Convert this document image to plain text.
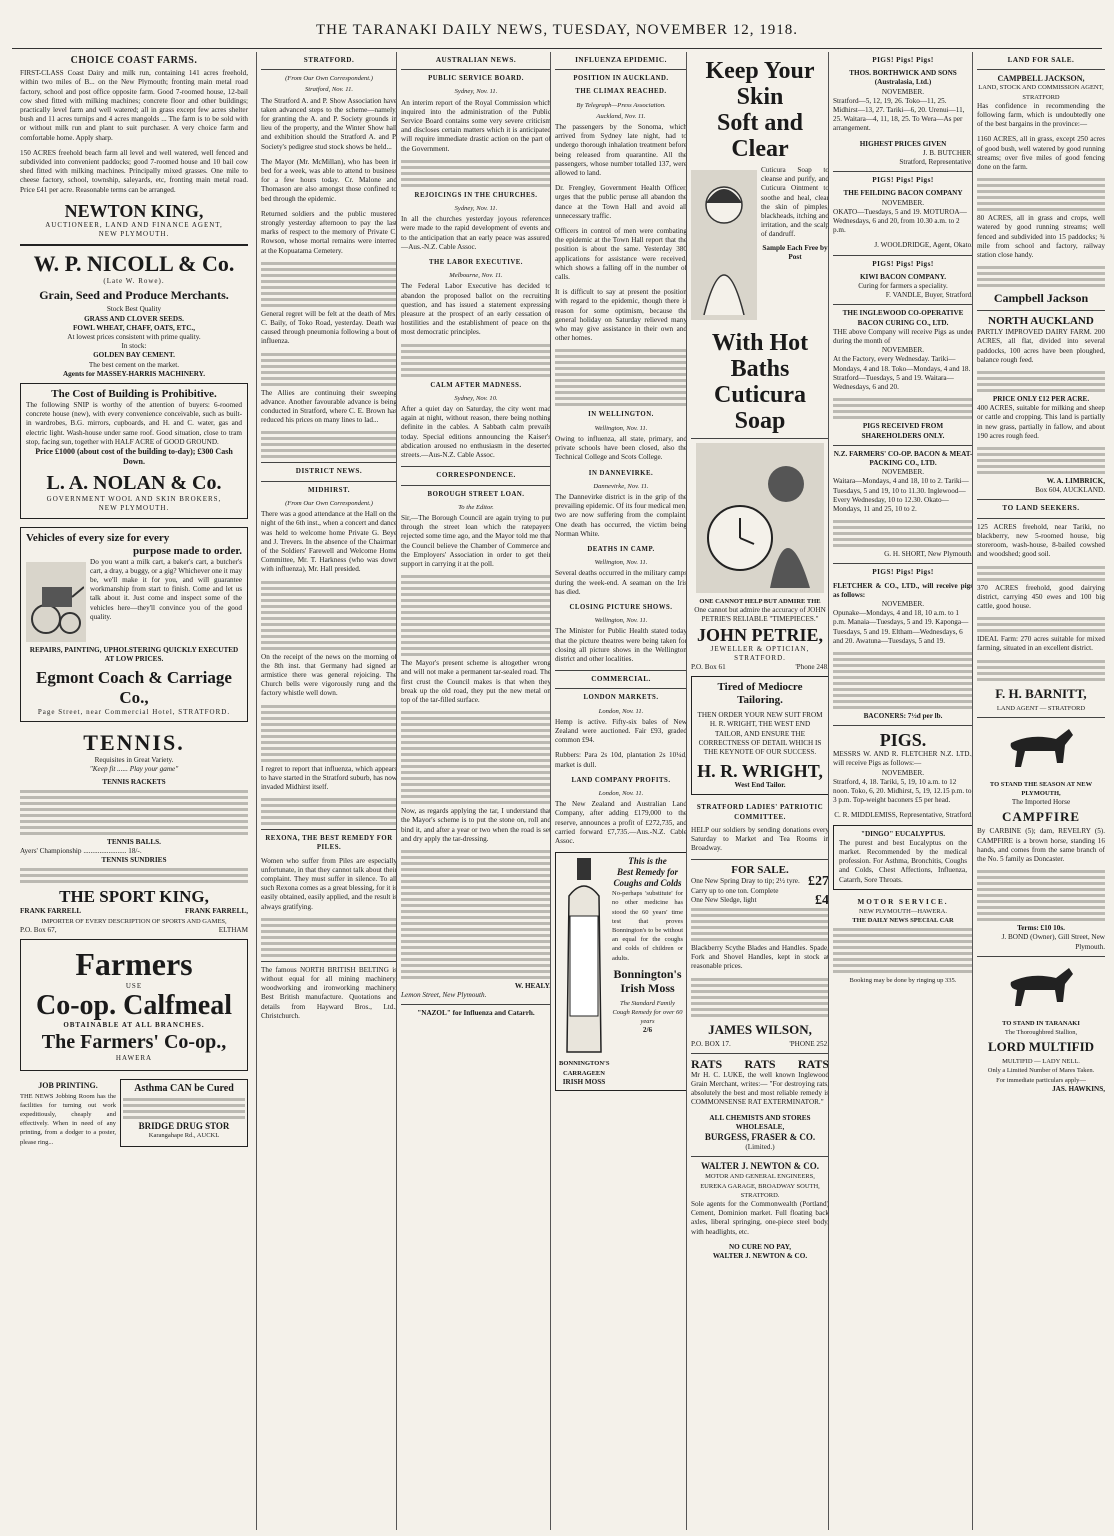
THE TARANAKI DAILY NEWS, TUESDAY, NOVEMBER 12, 1918.
CHOICE COAST FARMS.
FIRST-CLASS Coast Dairy and milk run, containing 141 acres freehold, within two miles of B... on the New Plymouth; fronting main metal road factory, school and post office opposite farm. Good 7-roomed house, 12-bail cow shed fitted with milking machines; concrete floor and other buildings; practically level farm and well watered; all in grass except few acres shelter bush and 11 acres turnips and 4 acres mangolds ... The farm is to be sold with or without milk run and plant to suit purchaser. A very choice farm and comfortable home. Apply sharp.
150 ACRES freehold beach farm all level and well watered, well fenced and subdivided into convenient paddocks; good 7-roomed house and 10 bail cow shed fitted with milking machines. Principally mixed grasses. One mile to cheese factory, school, township, saleyards, etc, fronting main metal road. Price £41 per acre. Reasonable terms can be arranged.
NEWTON KING,
AUCTIONEER, LAND AND FINANCE AGENT,
NEW PLYMOUTH.
W. P. NICOLL & Co.
(Late W. Rowe).
Grain, Seed and Produce Merchants.
Stock Best Quality
GRASS AND CLOVER SEEDS.
FOWL WHEAT, CHAFF, OATS, ETC.,
At lowest prices consistent with prime quality.
In stock:
GOLDEN BAY CEMENT.
The best cement on the market.
Agents for MASSEY-HARRIS MACHINERY.
The Cost of Building is Prohibitive.
The following SNIP is worthy of the attention of buyers: 6-roomed concrete house (new), with every convenience conceivable, such as built-in wardrobes, B.G. mirrors, cupboards, and H. and C. water, gas and electric light. Wash-house under same roof. Good situation, close to tram stop, facing sun, together with HALF ACRE of GOOD GROUND.
Price £1000 (about cost of the building to-day); £300 Cash Down.
L. A. NOLAN & Co.
GOVERNMENT WOOL AND SKIN BROKERS,
NEW PLYMOUTH.
Vehicles of every size for every
purpose made to order.
Do you want a milk cart, a baker's cart, a butcher's cart, a dray, a buggy, or a gig? Whichever one it may be, we'll make it for you, and will guarantee workmanship from start to finish. Come and let us talk about it. Just come and inspect some of the vehicles here—they'll convince you of the good quality.
REPAIRS, PAINTING, UPHOLSTERING QUICKLY EXECUTED AT LOW PRICES.
Egmont Coach & Carriage Co.,
Page Street, near Commercial Hotel, STRATFORD.
TENNIS.
Requisites in Great Variety.
"Keep fit ...... Play your game"
TENNIS RACKETS
TENNIS BALLS.
Ayers' Championship ........................ 18/-.
TENNIS SUNDRIES
THE SPORT KING,
FRANK FARRELL	FRANK FARRELL,
IMPORTER OF EVERY DESCRIPTION OF SPORTS AND GAMES,
P.O. Box 67,	ELTHAM
Farmers
USE
Co-op. Calfmeal
OBTAINABLE AT ALL BRANCHES.
The Farmers' Co-op.,
HAWERA
JOB PRINTING.
THE NEWS Jobbing Room has the facilities for turning out work expeditiously, cheaply and effectively. When in need of any printing, from a dodger to a poster, please ring...
Asthma CAN be Cured
BRIDGE DRUG STOR
Karangahape Rd., AUCKL
STRATFORD.
(From Our Own Correspondent.)
Stratford, Nov. 11.
The Stratford A. and P. Show Association have taken advanced steps to the scheme—namely, for granting the A. and P. Society grounds in lieu of the property, and the Winter Show hall and exhibition should the Stratford A. and P. Society's pedigree stud stock shows be held...
The Mayor (Mr. McMillan), who has been in bed for a week, was able to attend to business for a few hours today. Cr. Malone and Thomason are also amongst those confined to bed through the epidemic.
Returned soldiers and the public mustered strongly yesterday afternoon to pay the last marks of respect to the memory of Private C. Rowson, whose mortal remains were interred at the Kopuatama Cemetery.
General regret will be felt at the death of Mrs. C. Baily, of Toko Road, yesterday. Death was caused through pneumonia following a bout of influenza.
The Allies are continuing their sweeping advance. Another favourable advance is being conducted in Stratford, where C. E. Brown has reduced his prices on many lines to lad...
DISTRICT NEWS.
MIDHIRST.
(From Our Own Correspondent.)
There was a good attendance at the Hall on the night of the 6th inst., when a concert and dance was held to welcome home Private G. Beye and J. Trevers. In the absence of the Chairman of the Soldiers' Farewell and Welcome Home Committee, Mr. T. Harkness (who was down with influenza), Mr. Hall presided.
On the receipt of the news on the morning of the 8th inst. that Germany had signed an armistice there was general rejoicing. The Church bells were vigorously rung and the factory whistle well down.
I regret to report that influenza, which appears to have started in the Stratford suburb, has now invaded Midhirst itself.
REXONA, THE BEST REMEDY FOR PILES.
Women who suffer from Piles are especially unfortunate, in that they cannot talk about their complaint. They must suffer in silence. To all such Rexona comes as a great blessing, for it is easily obtained, easily applied, and the result is always gratifying.
The famous NORTH BRITISH BELTING is without equal for all mining machinery, woodworking and ironworking machinery. Best British manufacture. Quotations and details from Hayward Bros., Ltd., Christchurch.
AUSTRALIAN NEWS.
PUBLIC SERVICE BOARD.
Sydney, Nov. 11.
An interim report of the Royal Commission which inquired into the administration of the Public Service Board contains some very severe criticism and discloses certain matters which it is anticipated will require immediate drastic action on the part of the Government.
REJOICINGS IN THE CHURCHES.
Sydney, Nov. 11.
In all the churches yesterday joyous references were made to the rapid development of events and to the anticipation that an early peace was assured. —Aus.-N.Z. Cable Assoc.
THE LABOR EXECUTIVE.
Melbourne, Nov. 11.
The Federal Labor Executive has decided to abandon the proposed ballot on the recruiting question, and has issued a statement expressing pleasure at the prospect of an early cessation of hostilities and the establishment of peace on the most democratic principles.
CALM AFTER MADNESS.
Sydney, Nov. 10.
After a quiet day on Saturday, the city went mad again at night, without reason, there being nothing definite in the cables. A Sabbath calm prevails today. Special editions announcing the Kaiser's abdication aroused no enthusiasm in the deserted streets.—Aus-N.Z. Cable Assoc.
CORRESPONDENCE.
BOROUGH STREET LOAN.
To the Editor.
Sir,—The Borough Council are again trying to put through the street loan which the ratepayers rejected some time ago, and the Mayor told me that the Council believe the Chamber of Commerce and the Employers' Association in order to get their support in carrying it at the poll.
The Mayor's present scheme is altogether wrong and will not make a permanent tar-sealed road. The first crust the Council makes is that when they break up the old road, they put the new metal on top of the tar-filled surface.
Now, as regards applying the tar, I understand that the Mayor's scheme is to put the stone on, roll and bind it, and after a year or two when the road is set and dry apply the tar-dressing.
W. HEALY.
Lemon Street, New Plymouth.
"NAZOL" for Influenza and Catarrh.
INFLUENZA EPIDEMIC.
POSITION IN AUCKLAND.
THE CLIMAX REACHED.
By Telegraph—Press Association.
Auckland, Nov. 11.
The passengers by the Sonoma, which arrived from Sydney late night, had to undergo thorough inhalation treatment before being released from quarantine. All the passengers, whose number totalled 137, were allowed to land.
Dr. Frengley, Government Health Officer, urges that the public peruse all abandon the dance at the Town Hall and avoid all unnecessary traffic.
Officers in control of men were combating the epidemic at the Town Hall report that the position is about the same. Yesterday 380 applications for assistance were received, which shows a falling off in the number of calls.
It is difficult to say at present the position with regard to the epidemic, though there is reason for some optimism, because the general holiday on Saturday relieved many who may give assistance in their own and other homes.
IN WELLINGTON.
Wellington, Nov. 11.
Owing to influenza, all state, primary, and private schools have been closed, also the Technical College and Scots College.
IN DANNEVIRKE.
Dannevirke, Nov. 11.
The Dannevirke district is in the grip of the prevailing epidemic. Of its four medical men, two are now suffering from the complaint. One death has occurred, the victim being Norman White.
DEATHS IN CAMP.
Wellington, Nov. 11.
Several deaths occurred in the military camps during the week-end. A seaman on the Iris has died.
CLOSING PICTURE SHOWS.
Wellington, Nov. 11.
The Minister for Public Health stated today that the picture theatres were being taken for closing all picture shows in the Wellington district and other localities.
COMMERCIAL.
LONDON MARKETS.
London, Nov. 11.
Hemp is active. Fifty-six bales of New Zealand were auctioned. Fair £93, graded common £94.
Rubbers: Para 2s 10d, plantation 2s 10¼d, market is dull.
LAND COMPANY PROFITS.
London, Nov. 11.
The New Zealand and Australian Land Company, after adding £179,000 to the reserve, announces a profit of £272,735, and carried forward £7,735.—Aus.-N.Z. Cable Assoc.
BONNINGTON'S CARRAGEEN
IRISH MOSS
This is the
Best Remedy for
Coughs and Colds
No-perhaps 'substitute' for no other medicine has stood the 60 years' time test that proves Bonnington's to be without an equal for the coughs and colds of children or adults.
Bonnington's Irish Moss
The Standard Family Cough Remedy for over 60 years
2/6
Keep Your Skin
Soft and Clear
Cuticura Soap to cleanse and purify, and Cuticura Ointment to soothe and heal, clear the skin of pimples, blackheads, itching and irritation, and the scalp of dandruff.
Sample Each Free by Post
With Hot Baths
Cuticura Soap
ONE CANNOT HELP BUT ADMIRE THE
One cannot but admire the accuracy of JOHN PETRIE'S RELIABLE "TIMEPIECES."
JOHN PETRIE,
JEWELLER & OPTICIAN,
STRATFORD.
P.O. Box 61	'Phone 248.
Tired of Mediocre Tailoring.
THEN ORDER YOUR NEW SUIT FROM H. R. WRIGHT, THE WEST END TAILOR, AND ENSURE THE CORRECTNESS OF DETAIL WHICH IS THE KEYNOTE OF OUR SUCCESS.
H. R. WRIGHT,
West End Tailor.
STRATFORD LADIES' PATRIOTIC COMMITTEE.
HELP our soldiers by sending donations every Saturday to Market and Tea Rooms in Broadway.
FOR SALE.
One New Spring Dray to tip; 2½ tyre. Carry up to one ton. Complete
£27
One New Sledge, light	£4
Blackberry Scythe Blades and Handles. Spade, Fork and Shovel Handles, kept in stock at reasonable prices.
JAMES WILSON,
P.O. BOX 17.	'PHONE 252.
RATS RATS RATS
Mr H. C. LUKE, the well known Inglewood Grain Merchant, writes:— "For destroying rats, absolutely the best and most reliable remedy is COMMONSENSE RAT EXTERMINATOR."
ALL CHEMISTS AND STORES WHOLESALE,
BURGESS, FRASER & CO.
(Limited.)
WALTER J. NEWTON & CO.
MOTOR AND GENERAL ENGINEERS,
EUREKA GARAGE, BROADWAY SOUTH, STRATFORD.
Sole agents for the Commonwealth (Portland) Cement, Dominion market. Full floating back axles, liberal springing, one-piece steel body, with headlights, etc.
NO CURE NO PAY,
WALTER J. NEWTON & CO.
PIGS! Pigs! Pigs!
THOS. BORTHWICK AND SONS (Australasia, Ltd.)
NOVEMBER.
Stratford—5, 12, 19, 26. Toko—11, 25. Midhirst—13, 27. Tariki—6, 20. Urenui—11, 25. Waitara—4, 11, 18, 25. To Wera—As per arrangement.
HIGHEST PRICES GIVEN
J. B. BUTCHER,
Stratford, Representative.
PIGS! Pigs! Pigs!
THE FEILDING BACON COMPANY
NOVEMBER.
OKATO—Tuesdays, 5 and 19. MOTUROA—Wednesdays, 6 and 20, from 10.30 a.m. to 2 p.m.
J. WOOLDRIDGE, Agent, Okato.
PIGS! Pigs! Pigs!
KIWI BACON COMPANY.
Curing for farmers a speciality.
F. VANDLE, Buyer, Stratford.
THE INGLEWOOD CO-OPERATIVE BACON CURING CO., LTD.
THE above Company will receive Pigs as under during the month of
NOVEMBER.
At the Factory, every Wednesday. Tariki—Mondays, 4 and 18. Toko—Mondays, 4 and 18. Stratford—Tuesdays, 5 and 19. Waitara—Wednesdays, 6 and 20.
PIGS RECEIVED FROM SHAREHOLDERS ONLY.
N.Z. FARMERS' CO-OP. BACON & MEAT-PACKING CO., LTD.
NOVEMBER.
Waitara—Mondays, 4 and 18, 10 to 2. Tariki—Tuesdays, 5 and 19, 10 to 11.30. Inglewood—Every Wednesday, 10 to 12.30. Okato—Mondays, 11 and 25, 10 to 2.
G. H. SHORT, New Plymouth.
PIGS! Pigs! Pigs!
FLETCHER & CO., LTD., will receive pigs as follows:
NOVEMBER.
Opunake—Mondays, 4 and 18, 10 a.m. to 1 p.m. Manaia—Tuesdays, 5 and 19. Kaponga—Tuesdays, 5 and 19. Eltham—Wednesdays, 6 and 20. Awatuna—Tuesdays, 5 and 19.
BACONERS: 7½d per lb.
PIGS.
MESSRS W. AND R. FLETCHER N.Z. LTD., will receive Pigs as follows:—
NOVEMBER.
Stratford, 4, 18. Tariki, 5, 19, 10 a.m. to 12 noon. Toko, 6, 20. Midhirst, 5, 19, 12.15 p.m. to 3 p.m. Top-weight baconers £5 per head.
C. R. MIDDLEMISS, Representative, Stratford.
"DINGO" EUCALYPTUS.
The purest and best Eucalyptus on the market. Recommended by the medical profession. For Asthma, Bronchitis, Coughs and Colds, Chest Affections, Influenza, Catarrh, Sore Throats.
MOTOR SERVICE.
NEW PLYMOUTH—HAWERA.
THE DAILY NEWS SPECIAL CAR
Booking may be done by ringing up 335.
LAND FOR SALE.
CAMPBELL JACKSON,
LAND, STOCK AND COMMISSION AGENT, STRATFORD
Has confidence in recommending the following farm, which is undoubtedly one of the best bargains in the province:—
1160 ACRES, all in grass, except 250 acres of good bush, well watered by good running streams; over five miles of good fencing done on the farm.
80 ACRES, all in grass and crops, well watered by good running streams; well fenced and subdivided into 15 paddocks; ¾ mile from school and factory, railway station close handy.
Campbell Jackson
NORTH AUCKLAND
PARTLY IMPROVED DAIRY FARM. 200 ACRES, all flat, divided into several paddocks, 100 acres have been ploughed, balance rough feed.
PRICE ONLY £12 PER ACRE.
400 ACRES, suitable for milking and sheep or cattle and cropping. This land is partially in new grass, partially in fallow, and about 190 acres rough feed.
W. A. LIMBRICK,
Box 604, AUCKLAND.
TO LAND SEEKERS.
125 ACRES freehold, near Tariki, no blackberry, new 5-roomed house, big storeroom, wash-house, 8-bailed cowshed and woodshed; good soil.
370 ACRES freehold, good dairying district, carrying 450 ewes and 100 big cattle, good house.
IDEAL Farm: 270 acres suitable for mixed farming, situated in an excellent district.
F. H. BARNITT,
LAND AGENT — STRATFORD
TO STAND THE SEASON AT NEW PLYMOUTH,
The Imported Horse
CAMPFIRE
By CARBINE (5); dam, REVELRY (5). CAMPFIRE is a brown horse, standing 16 hands, and comes from the same branch of the No. 5 family as Doncaster.
Terms: £10 10s.
J. BOND (Owner), Gill Street, New Plymouth.
TO STAND IN TARANAKI
The Thoroughbred Stallion,
LORD MULTIFID
MULTIFID — LADY NELL.
Only a Limited Number of Mares Taken.
For immediate particulars apply—
JAS. HAWKINS,
